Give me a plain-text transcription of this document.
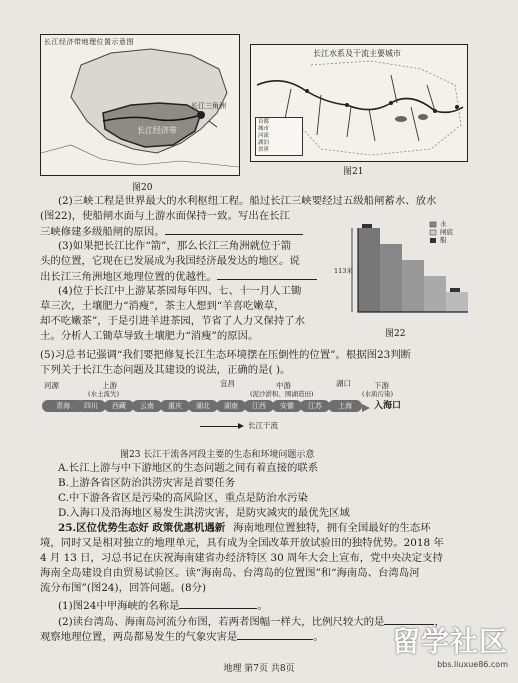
长江经济带地理位置示意图
长江经济带
长江三角洲
图20
长江水系及干流主要城市
首都
城市
河流
湖泊
省界
图21
(2)三峡工程是世界最大的水利枢纽工程。船过长江三峡要经过五级船闸蓄水、放水
(图22)，使船闸水面与上游水面保持一致。写出在长江
三峡修建多级船闸的原因。
(3)如果把长江比作“箭”，那么长江三角洲就位于箭
头的位置，它现在已发展成为我国经济最发达的地区。说
出长江三角洲地区地理位置的优越性。
(4)位于长江中上游某茶园每年四、七、十一月人工锄
草三次，土壤肥力“消瘦”，茶主人想到“羊喜吃嫩草，
却不吃嫩茶”，于是引进羊进茶园，节省了人力又保持了水
土。分析人工锄草导致土壤肥力“消瘦”的原因。
水
闸底
船
113米
图22
(5)习总书记强调“我们要把修复长江生态环境摆在压倒性的位置”。根据图23判断
下列关于长江生态问题及其建设的说法，正确的是( )。
河源	上游
(水土流失)
宜昌	中游
(泥沙淤积、围湖造田)
湖口	下游
(水质污染)
青海	四川	西藏	云南	重庆	湖北	湖南	江西	安徽	江苏	上海	入海口
长江干流
图23 长江干流各河段主要的生态和环境问题示意
A.长江上游与中下游地区的生态问题之间有着直接的联系
B.上游各省区防治洪涝灾害是首要任务
C.中下游各省区是污染的高风险区，重点是防治水污染
D.入海口及沿海地区易发生洪涝灾害，是防灾减灾的最优先区域
25.区位优势生态好 政策优惠机遇新 海南地理位置独特，拥有全国最好的生态环
境，同时又是相对独立的地理单元，具有成为全国改革开放试验田的独特优势。2018 年
4 月 13 日，习总书记在庆祝海南建省办经济特区 30 周年大会上宣布，党中央决定支持
海南全岛建设自由贸易试验区。读“海南岛、台湾岛的位置图”和“海南岛、台湾岛河
流分布图”(图24)，回答问题。(8分)
(1)图24中甲海峡的名称是	。
(2)读台湾岛、海南岛河流分布图，若两者图幅一样大，比例尺较大的是	，
观察地理位置，两岛都易发生的气象灾害是	。
地理 第7页 共8页
留学社区
bbs.liuxue86.com
